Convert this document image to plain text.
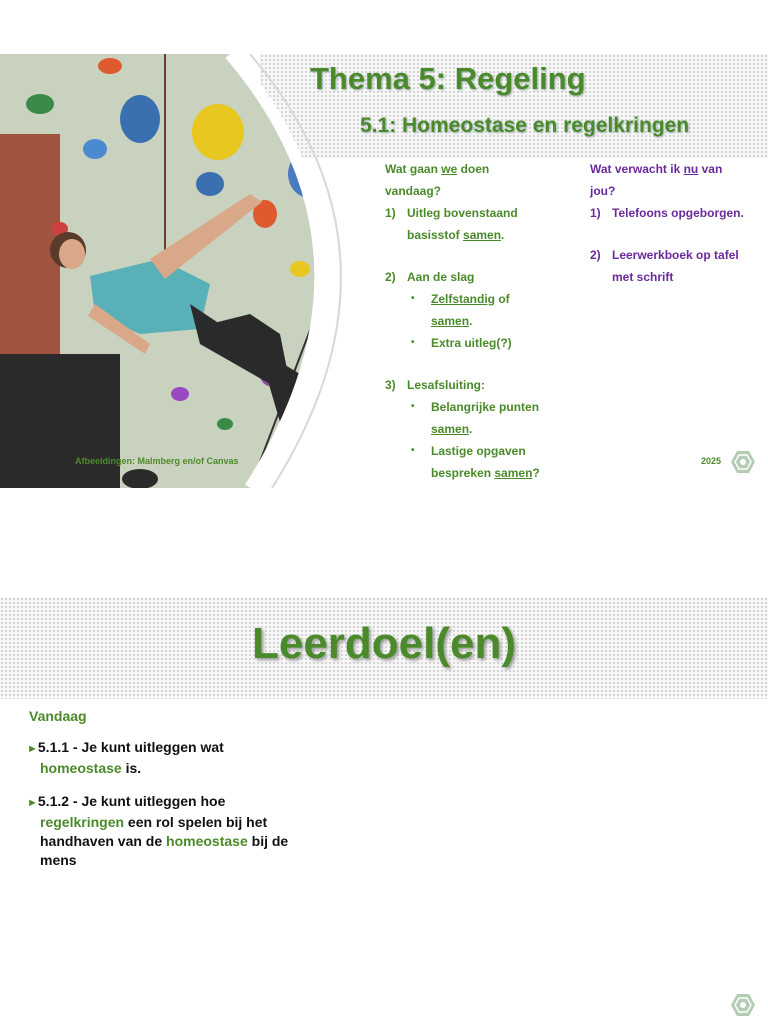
Thema 5: Regeling
5.1: Homeostase en regelkringen
Wat gaan we doen
vandaag?
1) Uitleg bovenstaand
basisstof samen.
2) Aan de slag
•	Zelfstandig of
samen.
•	Extra uitleg(?)
3) Lesafsluiting:
•	Belangrijke punten
samen.
•	Lastige opgaven
bespreken samen?
Wat verwacht ik nu van
jou?
1) Telefoons opgeborgen.
2) Leerwerkboek op tafel
met schrift
Afbeeldingen: Malmberg en/of Canvas	2025
Leerdoel(en)
Vandaag
►5.1.1 - Je kunt uitleggen wat
homeostase is.
►5.1.2 - Je kunt uitleggen hoe
regelkringen een rol spelen bij het
handhaven van de homeostase bij de
mens
